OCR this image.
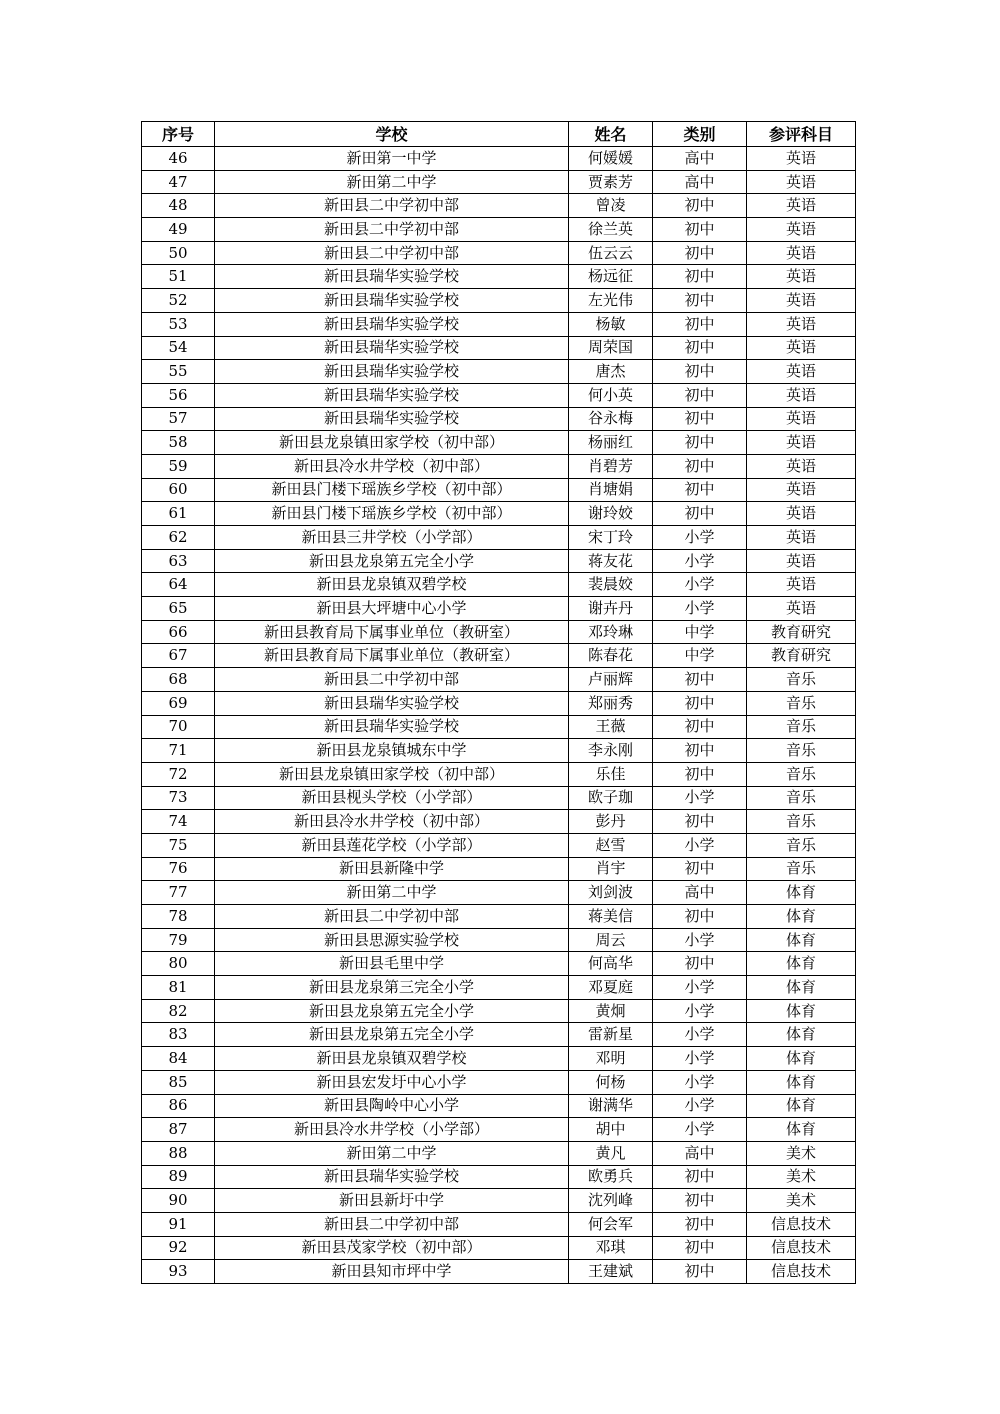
序号	学校	姓名	类别	参评科目
46	新田第一中学	何媛媛	高中	英语
47	新田第二中学	贾素芳	高中	英语
48	新田县二中学初中部	曾凌	初中	英语
49	新田县二中学初中部	徐兰英	初中	英语
50	新田县二中学初中部	伍云云	初中	英语
51	新田县瑞华实验学校	杨远征	初中	英语
52	新田县瑞华实验学校	左光伟	初中	英语
53	新田县瑞华实验学校	杨敏	初中	英语
54	新田县瑞华实验学校	周荣国	初中	英语
55	新田县瑞华实验学校	唐杰	初中	英语
56	新田县瑞华实验学校	何小英	初中	英语
57	新田县瑞华实验学校	谷永梅	初中	英语
58	新田县龙泉镇田家学校（初中部）	杨丽红	初中	英语
59	新田县冷水井学校（初中部）	肖碧芳	初中	英语
60	新田县门楼下瑶族乡学校（初中部）	肖塘娟	初中	英语
61	新田县门楼下瑶族乡学校（初中部）	谢玲姣	初中	英语
62	新田县三井学校（小学部）	宋丁玲	小学	英语
63	新田县龙泉第五完全小学	蒋友花	小学	英语
64	新田县龙泉镇双碧学校	裴晨姣	小学	英语
65	新田县大坪塘中心小学	谢卉丹	小学	英语
66	新田县教育局下属事业单位（教研室）	邓玲琳	中学	教育研究
67	新田县教育局下属事业单位（教研室）	陈春花	中学	教育研究
68	新田县二中学初中部	卢丽辉	初中	音乐
69	新田县瑞华实验学校	郑丽秀	初中	音乐
70	新田县瑞华实验学校	王薇	初中	音乐
71	新田县龙泉镇城东中学	李永刚	初中	音乐
72	新田县龙泉镇田家学校（初中部）	乐佳	初中	音乐
73	新田县枧头学校（小学部）	欧子珈	小学	音乐
74	新田县冷水井学校（初中部）	彭丹	初中	音乐
75	新田县莲花学校（小学部）	赵雪	小学	音乐
76	新田县新隆中学	肖宇	初中	音乐
77	新田第二中学	刘剑波	高中	体育
78	新田县二中学初中部	蒋美信	初中	体育
79	新田县思源实验学校	周云	小学	体育
80	新田县毛里中学	何高华	初中	体育
81	新田县龙泉第三完全小学	邓夏庭	小学	体育
82	新田县龙泉第五完全小学	黄炯	小学	体育
83	新田县龙泉第五完全小学	雷新星	小学	体育
84	新田县龙泉镇双碧学校	邓明	小学	体育
85	新田县宏发圩中心小学	何杨	小学	体育
86	新田县陶岭中心小学	谢满华	小学	体育
87	新田县冷水井学校（小学部）	胡中	小学	体育
88	新田第二中学	黄凡	高中	美术
89	新田县瑞华实验学校	欧勇兵	初中	美术
90	新田县新圩中学	沈列峰	初中	美术
91	新田县二中学初中部	何会军	初中	信息技术
92	新田县茂家学校（初中部）	邓琪	初中	信息技术
93	新田县知市坪中学	王建斌	初中	信息技术
